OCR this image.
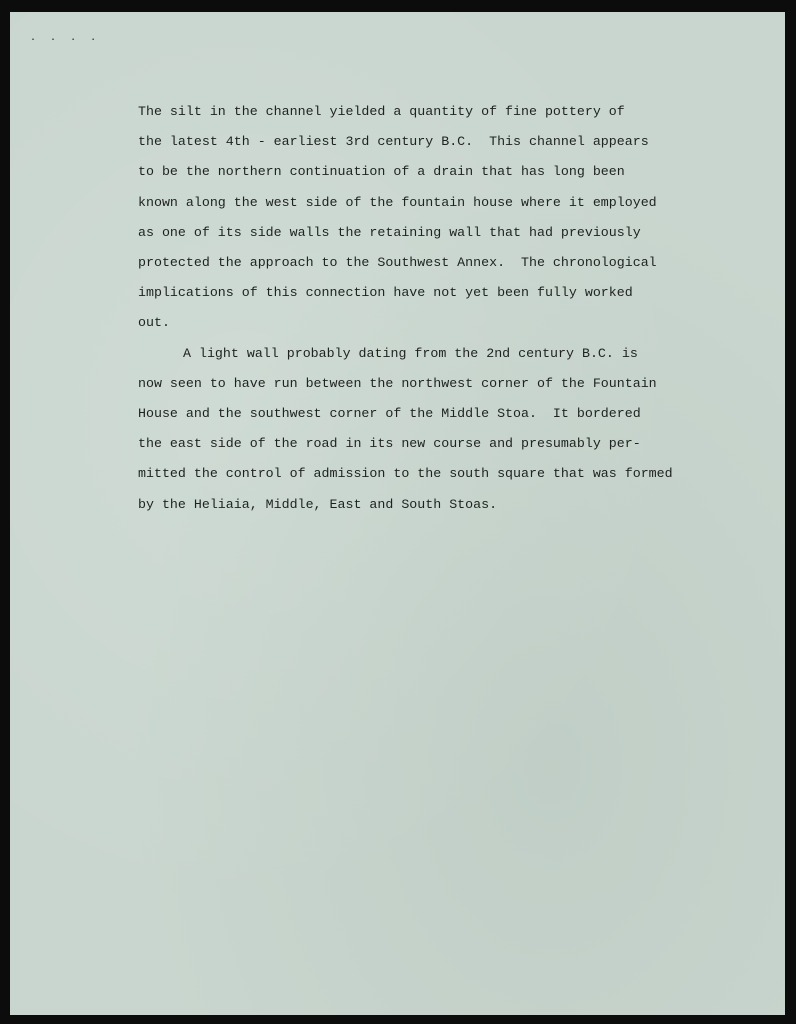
. . . .
The silt in the channel yielded a quantity of fine pottery of
the latest 4th - earliest 3rd century B.C.  This channel appears
to be the northern continuation of a drain that has long been
known along the west side of the fountain house where it employed
as one of its side walls the retaining wall that had previously
protected the approach to the Southwest Annex.  The chronological
implications of this connection have not yet been fully worked
out.
A light wall probably dating from the 2nd century B.C. is
now seen to have run between the northwest corner of the Fountain
House and the southwest corner of the Middle Stoa.  It bordered
the east side of the road in its new course and presumably per-
mitted the control of admission to the south square that was formed
by the Heliaia, Middle, East and South Stoas.
